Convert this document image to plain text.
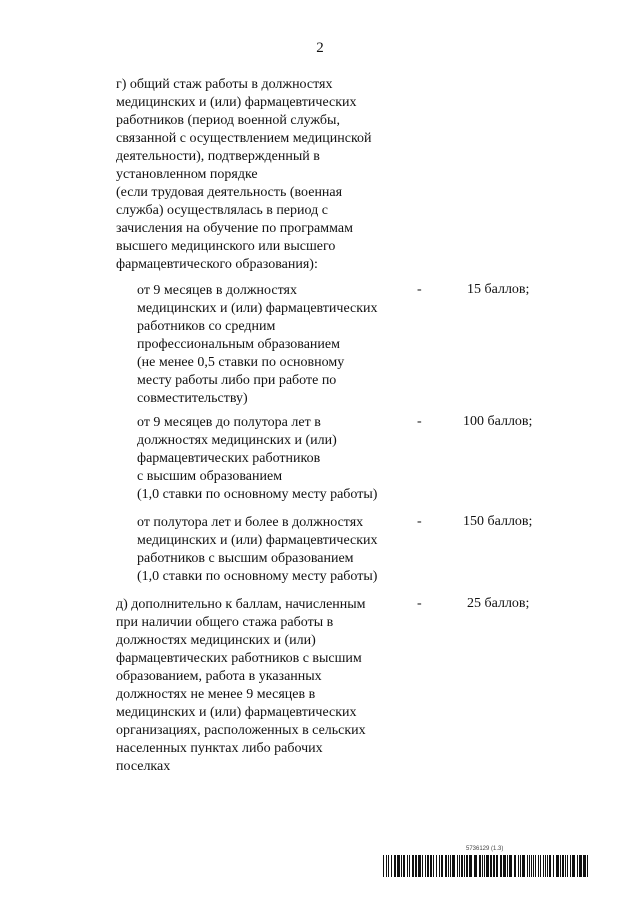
2
г) общий стаж работы в должностях
медицинских и (или) фармацевтических
работников (период военной службы,
связанной с осуществлением медицинской
деятельности), подтвержденный в
установленном порядке
(если трудовая деятельность (военная
служба) осуществлялась в период с
зачисления на обучение по программам
высшего медицинского или высшего
фармацевтического образования):
от 9 месяцев в должностях
медицинских и (или) фармацевтических
работников со средним
профессиональным образованием
(не менее 0,5 ставки по основному
месту работы либо при работе по
совместительству)
-	15 баллов;
от 9 месяцев до полутора лет в
должностях медицинских и (или)
фармацевтических работников
с высшим образованием
(1,0 ставки по основному месту работы)
-	100 баллов;
от полутора лет и более в должностях
медицинских и (или) фармацевтических
работников с высшим образованием
(1,0 ставки по основному месту работы)
-	150 баллов;
д) дополнительно к баллам, начисленным
при наличии общего стажа работы в
должностях медицинских и (или)
фармацевтических работников с высшим
образованием, работа в указанных
должностях не менее 9 месяцев в
медицинских и (или) фармацевтических
организациях, расположенных в сельских
населенных пунктах либо рабочих
поселках
-	25 баллов;
5736129 (1.3)
